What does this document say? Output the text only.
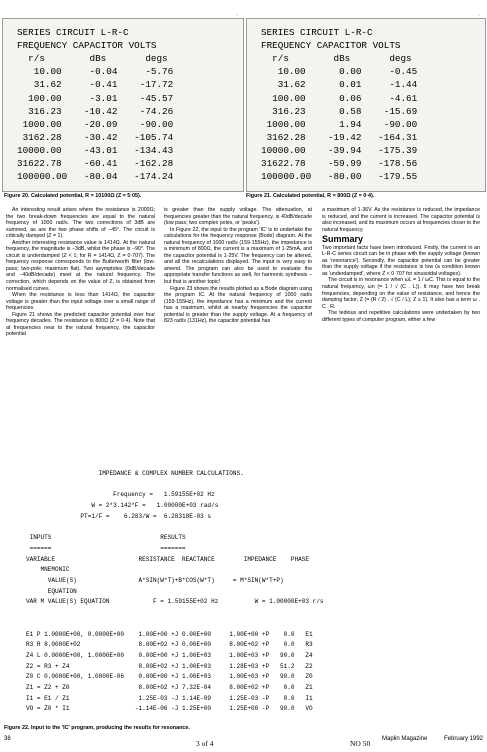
SERIES CIRCUIT L-R-C
FREQUENCY CAPACITOR VOLTS
r/s        dBs       degs
10.00     -0.04     -5.76
31.62     -0.41    -17.72
100.00     -3.01    -45.57
316.23    -10.42    -74.26
1000.00    -20.09    -90.00
3162.28    -30.42   -105.74
10000.00    -43.01   -134.43
31622.78    -60.41   -162.28
100000.00   -80.04   -174.24
Figure 20. Calculated potential, R = 10100Ω (Z = 5·05).
SERIES CIRCUIT L-R-C
FREQUENCY CAPACITOR VOLTS
r/s        dBs       degs
10.00      0.00     -0.45
31.62      0.01     -1.44
100.00      0.06     -4.61
316.23      0.58    -15.69
1000.00      1.94    -90.00
3162.28    -19.42   -164.31
10000.00    -39.94   -175.39
31622.78    -59.99   -178.56
100000.00   -80.00   -179.55
Figure 21. Calculated potential, R = 800Ω (Z = 0·4).
·	·

An interesting result arises where the resistance is 2000Ω; the two break-down frequencies are equal to the natural frequency of 1000 rad/s. The two corrections of 3dB are summed, as are the two phase shifts of −45°. The circuit is critically damped (Z = 1).

Another interesting resistance value is 1414Ω. At the natural frequency, the magnitude is −3dB, whilst the phase is −90°. The circuit is underdamped (Z < 1; for R = 1414Ω, Z = 0·707). The frequency response corresponds to the Butterworth filter (low-pass; two-pole; maximum flat). Two asymptotes (0dB/decade and −40dB/decade) meet at the natural frequency. The correction, which depends on the value of Z, is obtained from normalised curves.

When the resistance is less than 1414Ω, the capacitor voltage is greater than the input voltage over a small range of frequencies.

Figure 21 shows the predicted capacitor potential over four frequency decades. The resistance is 800Ω (Z = 0·4). Note that at frequencies near to the natural frequency, the capacitor potential

is greater than the supply voltage. The attenuation, at frequencies greater than the natural frequency, is 40dB/decade (low pass; two complex poles, or 'peaks').

In Figure 22, the input to the program 'IC' is to undertake the calculations for the frequency response (Bode) diagram. At the natural frequency of 1000 rad/s (159·155Hz), the impedance is a minimum of 800Ω, the current is a maximum of 1·25mA, and the capacitor potential is 1·25V. The frequency can be altered, and all the recalculations displayed. The input is very easy to amend. The program can also be used to evaluate the appropriate transfer functions as well, for harmonic synthesis – but that is another topic!

Figure 23 shows the results plotted as a Bode diagram using the program IC. At the natural frequency of 1000 rad/s (159·155Hz), the impedance has a minimum and the current has a maximum, whilst at nearby frequencies the capacitor potential is greater than the supply voltage. At a frequency of 823 rad/s (131Hz), the capacitor potential has

a maximum of 1·36V. As the resistance is reduced, the impedance is reduced, and the current is increased. The capacitor potential is also increased, and its maximum occurs at frequencies closer to the natural frequency.

Summary

Two important facts have been introduced. Firstly, the current in an L-R-C series circuit can be in phase with the supply voltage (known as 'resonance'). Secondly, the capacitor potential can be greater than the supply voltage if the resistance is low (a condition known as 'underdamped', where Z < 0·707 for sinusoidal voltages).

The circuit is in resonance when ωL = 1 / ωC. This is equal to the natural frequency, ωn (= 1 / √ (C . L)). It may have two break frequencies, depending on the value of resistance, and hence the damping factor, Z (= (R / 2) . √ (C / L); Z ≥ 1). It also has a term ω . C . R.

The tedious and repetitive calculations were undertaken by two different types of computer program, either a few

IMPEDANCE & COMPLEX NUMBER CALCULATIONS.
Frequency =   1.59155E+02 Hz
W = 2*3.142*F =   1.00000E+03 rad/s
PT=1/F =    6.283/W =  6.28318E-03 s
INPUTS                              RESULTS
======                              =======
VARIABLE                       RESISTANCE  REACTANCE        IMPEDANCE    PHASE
MNEMONIC
VALUE(S)                 A*SIN(W*T)+B*COS(W*T)     = M*SIN(W*T+P)
EQUATION
VAR M VALUE(S) EQUATION            F = 1.59155E+02 Hz          W = 1.00000E+03 r/s
E1 P 1.0000E+00, 0.0000E+00    1.00E+00 +J 0.00E+00     1.00E+00 +P    0.0   E1
R3 R 8.0000E+02                8.00E+02 +J 0.00E+00     8.00E+02 +P    0.0   R3
Z4 L 0.0000E+00, 1.0000E+00    0.00E+00 +J 1.00E+03     1.00E+03 +P   90.0   Z4
Z2 = R3 + Z4                   8.00E+02 +J 1.00E+03     1.28E+03 +P   51.2   Z2
Z0 C 0.0000E+00, 1.0000E-06    0.00E+00 +J 1.00E+03     1.00E+03 +P   90.0   Z0
Z1 = Z2 + Z0                   8.00E+02 +J 7.32E-04     8.00E+02 +P    0.0   Z1
I1 = E1 / Z1                   1.25E-03 -J 1.14E-09     1.25E-03 -P    0.0   I1
VO = Z0 * I1                  -1.14E-06 -J 1.25E+00     1.25E+00 -P   90.0   VO
Figure 22. Input to the 'IC' program, producing the results for resonance.
38	3 of 4	NO 50 Maplin Magazine	February 1992
